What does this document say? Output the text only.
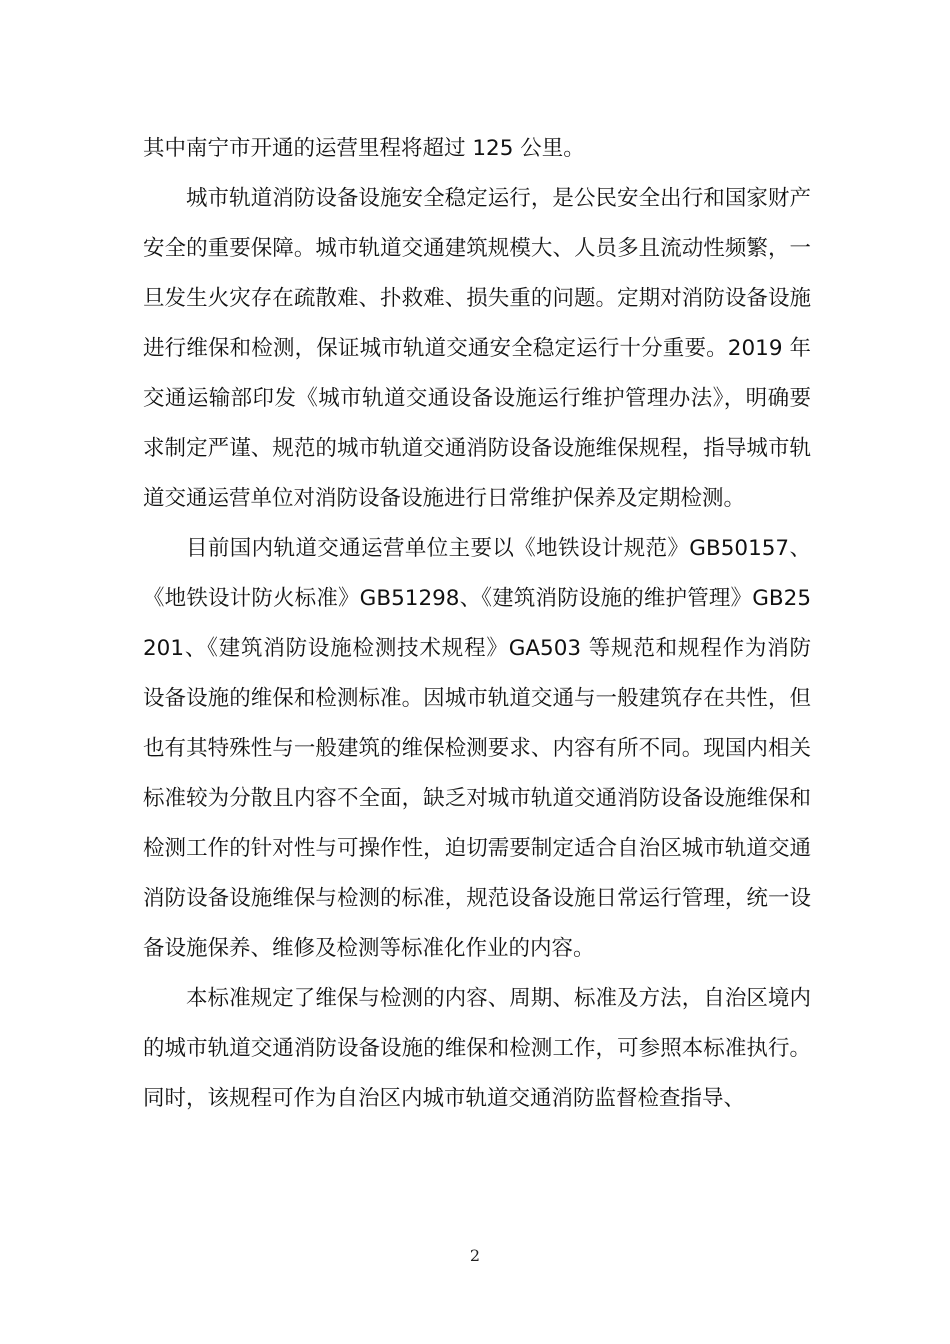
其中南宁市开通的运营里程将超过 125 公里。

城市轨道消防设备设施安全稳定运行，是公民安全出行和国家财产安全的重要保障。城市轨道交通建筑规模大、人员多且流动性频繁，一旦发生火灾存在疏散难、扑救难、损失重的问题。定期对消防设备设施进行维保和检测，保证城市轨道交通安全稳定运行十分重要。2019 年交通运输部印发《城市轨道交通设备设施运行维护管理办法》，明确要求制定严谨、规范的城市轨道交通消防设备设施维保规程，指导城市轨道交通运营单位对消防设备设施进行日常维护保养及定期检测。

目前国内轨道交通运营单位主要以《地铁设计规范》GB50157、《地铁设计防火标准》GB51298、《建筑消防设施的维护管理》GB25201、《建筑消防设施检测技术规程》GA503 等规范和规程作为消防设备设施的维保和检测标准。因城市轨道交通与一般建筑存在共性，但也有其特殊性与一般建筑的维保检测要求、内容有所不同。现国内相关标准较为分散且内容不全面，缺乏对城市轨道交通消防设备设施维保和检测工作的针对性与可操作性，迫切需要制定适合自治区城市轨道交通消防设备设施维保与检测的标准，规范设备设施日常运行管理，统一设备设施保养、维修及检测等标准化作业的内容。

本标准规定了维保与检测的内容、周期、标准及方法，自治区境内的城市轨道交通消防设备设施的维保和检测工作，可参照本标准执行。同时，该规程可作为自治区内城市轨道交通消防监督检查指导、

2
